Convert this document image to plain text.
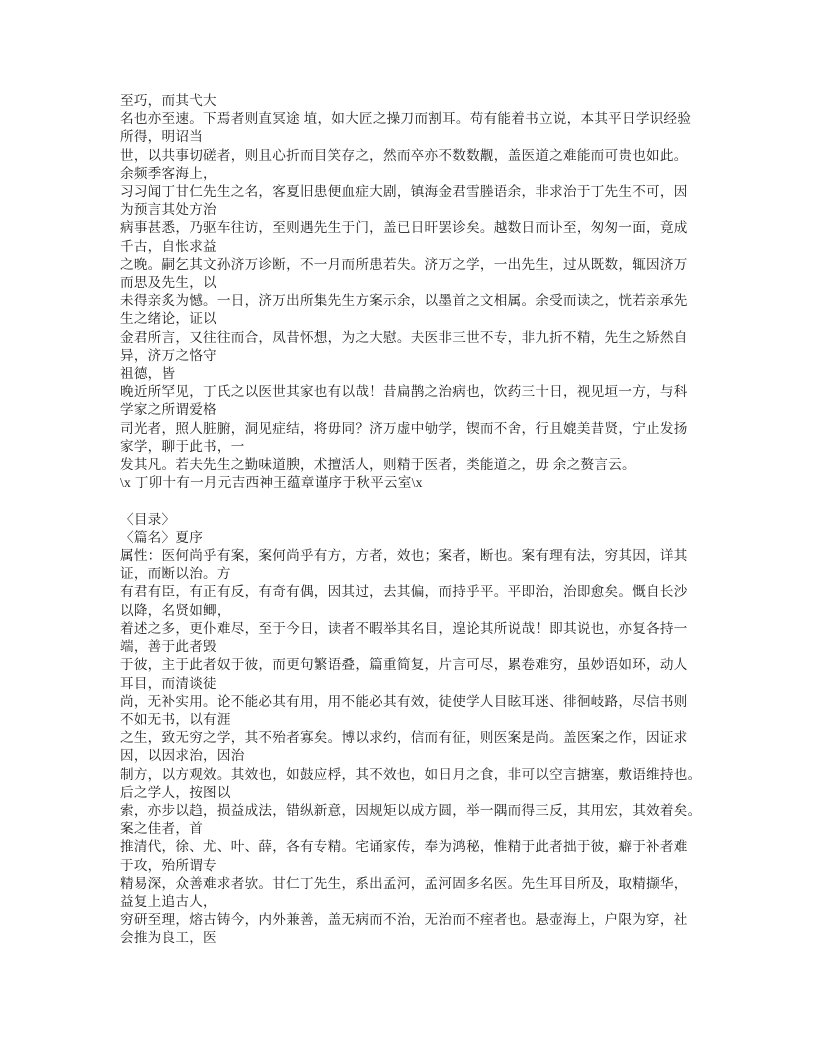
至巧，而其弋大
名也亦至速。下焉者则直冥途 埴，如大匠之操刀而割耳。苟有能着书立说，本其平日学识经验
所得，明诏当
世，以共事切磋者，则且心折而目笑存之，然而卒亦不数数觏，盖医道之难能而可贵也如此。
余频季客海上，
习习闻丁甘仁先生之名，客夏旧患便血症大剧，镇海金君雪塍语余，非求治于丁先生不可，因
为预言其处方治
病事甚悉，乃驱车往访，至则遇先生于门，盖已日旰罢诊矣。越数日而讣至，匆匆一面，竟成
千古，自怅求益
之晚。嗣乞其文孙济万诊断，不一月而所患若失。济万之学，一出先生，过从既数，辄因济万
而思及先生，以
未得亲炙为憾。一日，济万出所集先生方案示余，以墨首之文相属。余受而读之，恍若亲承先
生之绪论，证以
金君所言，又往往而合，凤昔怀想，为之大慰。夫医非三世不专，非九折不精，先生之矫然自
异，济万之恪守
祖德，皆
晚近所罕见，丁氏之以医世其家也有以哉！昔扁鹊之治病也，饮药三十日，视见垣一方，与科
学家之所谓爱格
司光者，照人脏腑，洞见症结，将毋同？济万虚中劬学，锲而不舍，行且媲美昔贤，宁止发扬
家学，聊于此书，一
发其凡。若夫先生之勤味道腴，术擅活人，则精于医者，类能道之，毋 余之赘言云。
\x 丁卯十有一月元吉西神王蕴章谨序于秋平云室\x

〈目录〉
〈篇名〉夏序
属性：医何尚乎有案，案何尚乎有方，方者，效也；案者，断也。案有理有法，穷其因，详其
证，而断以治。方
有君有臣，有正有反，有奇有偶，因其过，去其偏，而持乎平。平即治，治即愈矣。慨自长沙
以降，名贤如鲫，
着述之多，更仆难尽，至于今日，读者不暇举其名目，遑论其所说哉！即其说也，亦复各持一
端，善于此者毁
于彼，主于此者奴于彼，而更句繁语叠，篇重简复，片言可尽，累卷难穷，虽妙语如环，动人
耳目，而清谈徒
尚，无补实用。论不能必其有用，用不能必其有效，徒使学人目眩耳迷、徘徊岐路，尽信书则
不如无书，以有涯
之生，致无穷之学，其不殆者寡矣。博以求约，信而有征，则医案是尚。盖医案之作，因证求
因，以因求治，因治
制方，以方观效。其效也，如鼓应桴，其不效也，如日月之食，非可以空言搪塞，敷语维持也。
后之学人，按图以
索，亦步以趋，损益成法，错纵新意，因规矩以成方圆，举一隅而得三反，其用宏，其效着矣。
案之佳者，首
推清代，徐、尤、叶、薛，各有专精。宅诵家传，奉为鸿秘，惟精于此者拙于彼，癖于补者难
于攻，殆所谓专
精易深，众善难求者欤。甘仁丁先生，系出孟河，孟河固多名医。先生耳目所及，取精撷华，
益复上追古人，
穷研至理，熔古铸今，内外兼善，盖无病而不治，无治而不痓者也。悬壶海上，户限为穿，社
会推为良工，医
